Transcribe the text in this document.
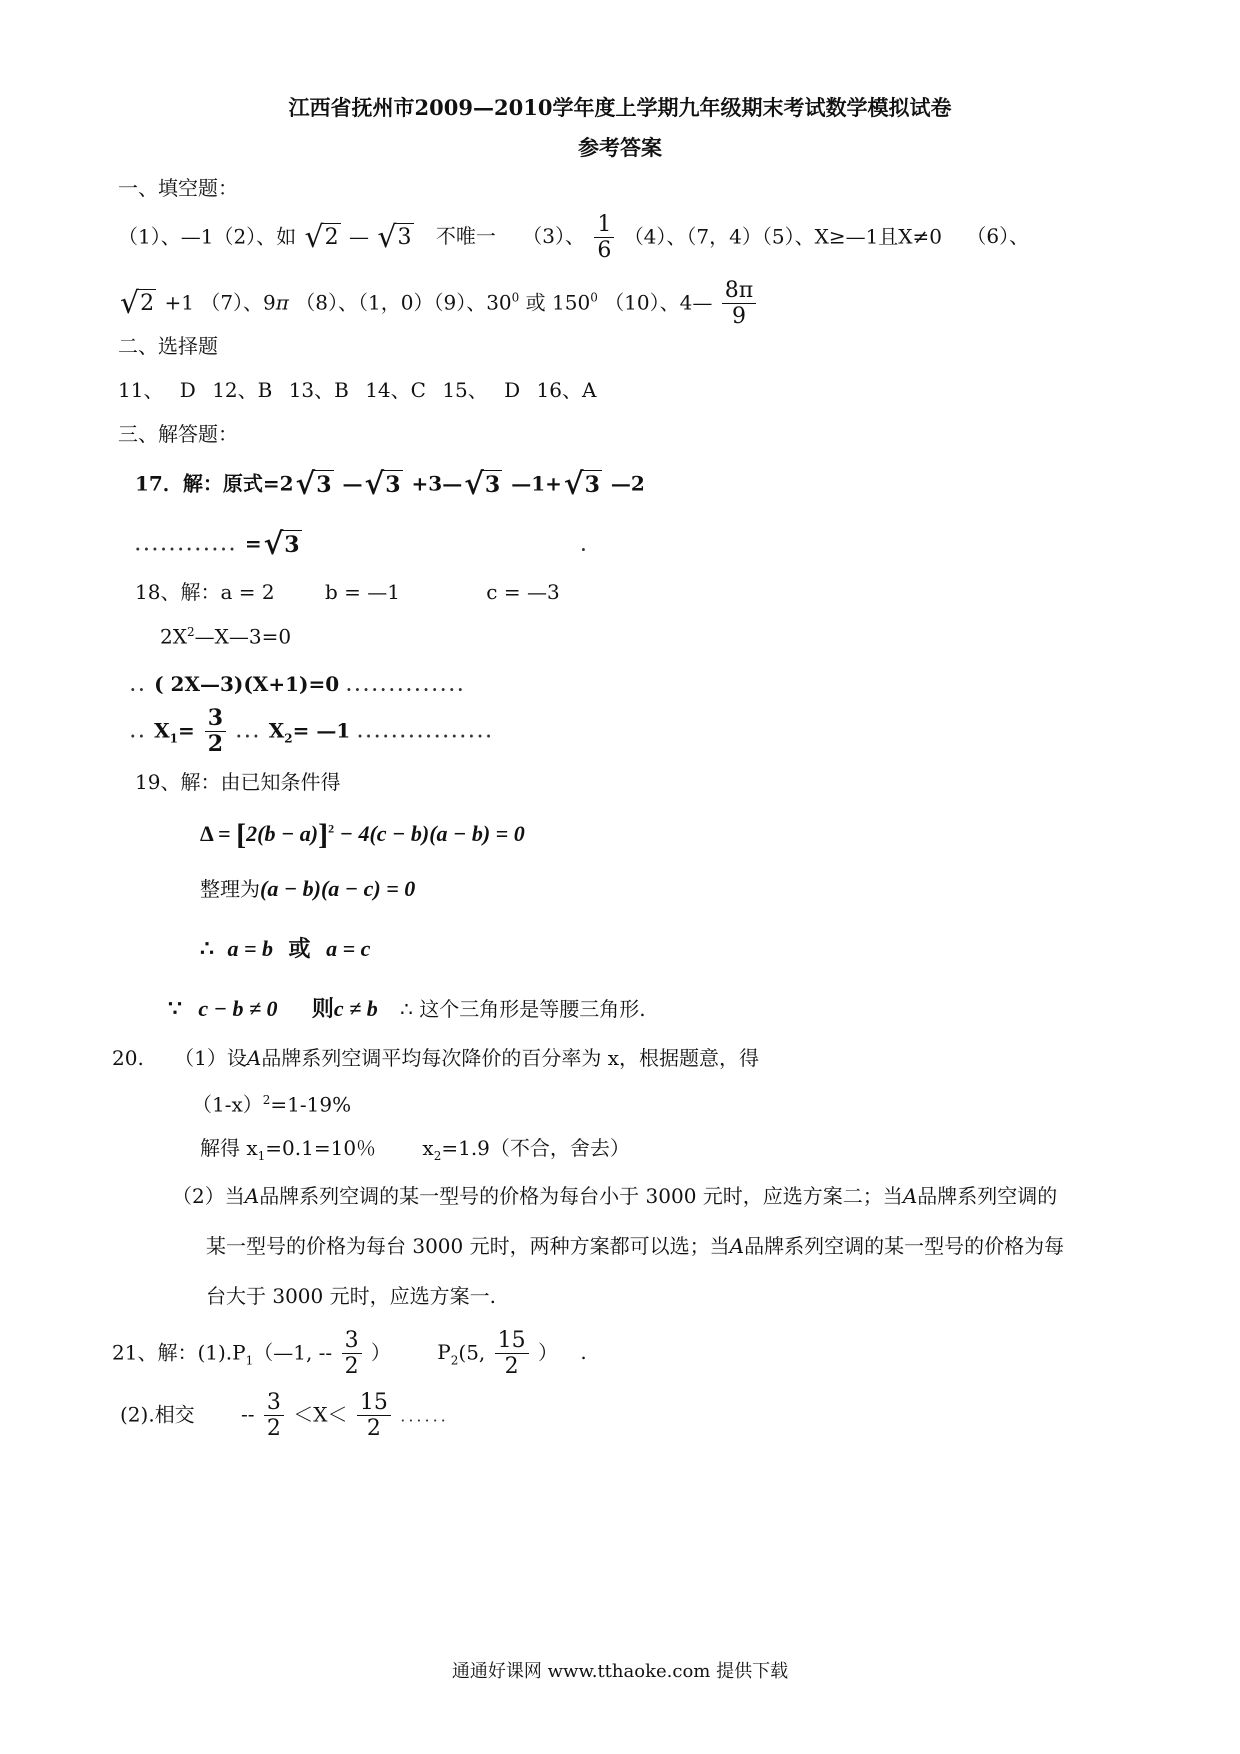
江西省抚州市2009—2010学年度上学期九年级期末考试数学模拟试卷
参考答案
一、填空题：
（1）、—1（2）、如 √ 2 — √ 3 不唯一 （3）、 $\frac{1}{6} (4)$、（7，4）（5）、X≥—1且X≠0 （6）、
√ 2 +1 （7）、9π （8）、（1，0）（9）、$30^0$ 或 $150^0$ （10）、4— $\frac{8\pi}{9}$
二、选择题
11、 D 12、B 13、B 14、C 15、 D 16、A
三、解答题：
17．解：原式=2 √ 3 — √ 3 +3— √ 3 —1+ √ 3 —2
............ = √ 3	.
18、解：a = 2	b = —1	c = —3
$2X^2—X—3=0$
.. ( 2X—3)(X+1)=0 ..............
.. $X_1= \frac{3}{2}$ ... $X_2=$ —1 ................
19、解：由已知条件得
$\Delta = [2(b - a)]^2 - 4(c - b)(a - b) = 0$
整理为(a − b)(a − c) = 0
∴ a = b 或 a = c
∵ c − b ≠ 0 则c ≠ b ∴ 这个三角形是等腰三角形.
20. （1）设A品牌系列空调平均每次降价的百分率为 x，根据题意，得
$(1-x)^2=1-19\%$
解得 $x_1=0.1=10$％ $x_2=1.9$（不合，舍去）
（2）当A品牌系列空调的某一型号的价格为每台小于 3000 元时，应选方案二；当A品牌系列空调的
某一型号的价格为每台 3000 元时，两种方案都可以选；当A品牌系列空调的某一型号的价格为每
台大于 3000 元时，应选方案一.
21、解：$(1).P_1(—1$, -- $\frac{3}{2}$ ） $P_2(5$, $\frac{15}{2}$ ） .
(2).相交 -- $\frac{3}{2} <X< \frac{15}{2}$ ......
通通好课网 www.tthaoke.com 提供下载
